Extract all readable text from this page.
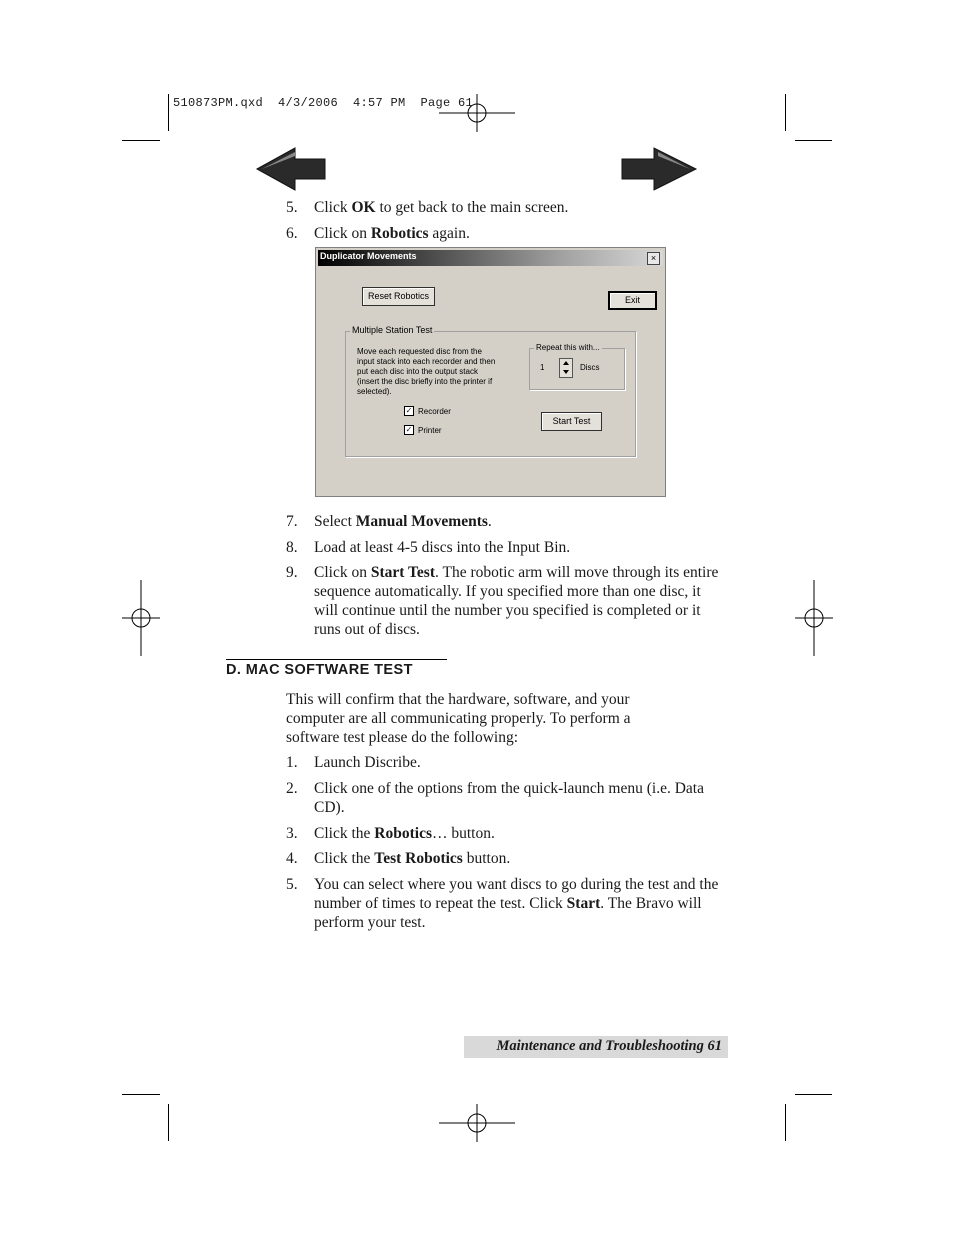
510873PM.qxd  4/3/2006  4:57 PM  Page 61
5.	Click OK to get back to the main screen.
6.	Click on Robotics again.
Duplicator Movements	×
Reset Robotics	Exit
Multiple Station Test
Move each requested disc from the
input stack into each recorder and then
put each disc into the output stack
(insert the disc briefly into the printer if
selected).
Repeat this with...
1	Discs
✓ Recorder
✓ Printer
Start Test
7.	Select Manual Movements.
8.	Load at least 4-5 discs into the Input Bin.
9.	Click on Start Test. The robotic arm will move through its entire sequence automatically. If you specified more than one disc, it will continue until the number you specified is completed or it runs out of discs.
D. MAC SOFTWARE TEST
This will confirm that the hardware, software, and your computer are all communicating properly. To perform a software test please do the following:
1.	Launch Discribe.
2.	Click one of the options from the quick-launch menu (i.e. Data CD).
3.	Click the Robotics… button.
4.	Click the Test Robotics button.
5.	You can select where you want discs to go during the test and the number of times to repeat the test. Click Start. The Bravo will perform your test.
Maintenance and Troubleshooting 61
